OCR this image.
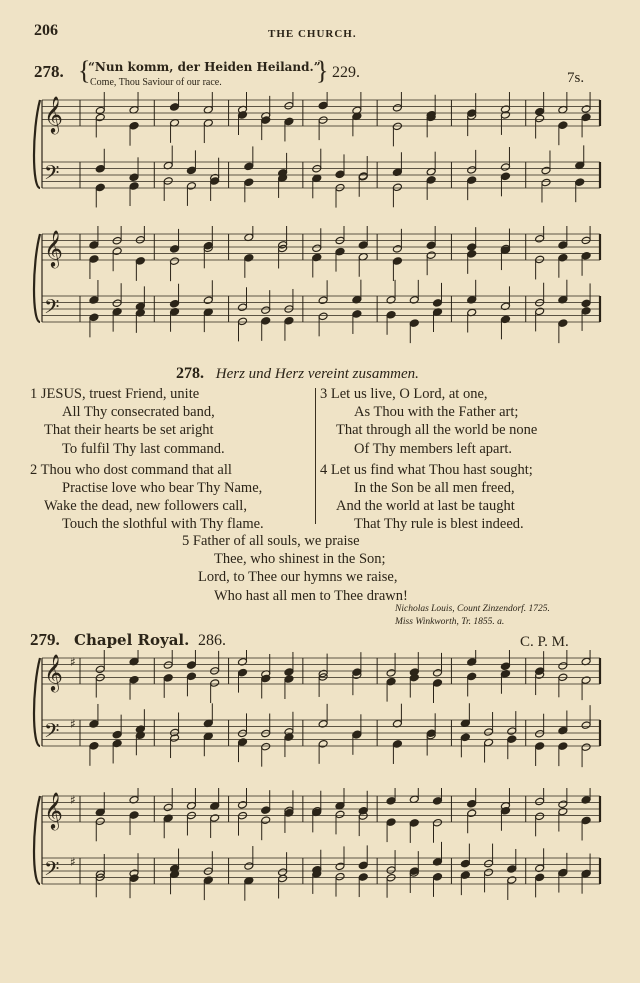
206	THE CHURCH.
278. {
“Nun komm, der Heiden Heiland.”
Come, Thou Saviour of our race.	} 229.	7s.
𝄞
𝄢
𝄞
𝄢
278. Herz und Herz vereint zusammen.
1 JESUS, truest Friend, unite
All Thy consecrated band,
That their hearts be set aright
To fulfil Thy last command.
2 Thou who dost command that all
Practise love who bear Thy Name,
Wake the dead, new followers call,
Touch the slothful with Thy flame.
3 Let us live, O Lord, at one,
As Thou with the Father art;
That through all the world be none
Of Thy members left apart.
4 Let us find what Thou hast sought;
In the Son be all men freed,
And the world at last be taught
That Thy rule is blest indeed.
5 Father of all souls, we praise
Thee, who shinest in the Son;
Lord, to Thee our hymns we raise,
Who hast all men to Thee drawn!
Nicholas Louis, Count Zinzendorf. 1725.
Miss Winkworth, Tr. 1855. a.
279. Chapel Royal. 286.	C. P. M.
𝄞 ♯
𝄢 ♯
𝄞 ♯
𝄢 ♯
